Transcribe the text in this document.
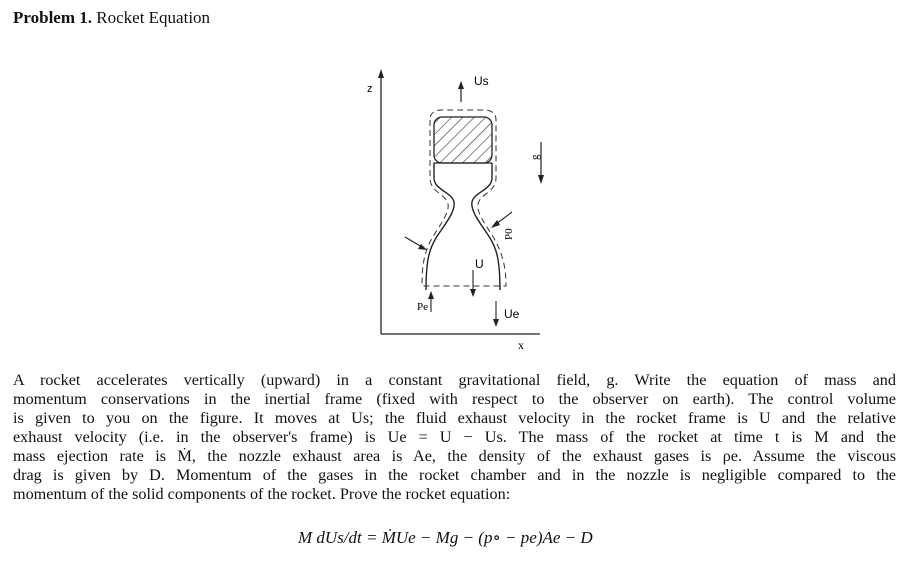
Problem 1. Rocket Equation
z
x
Us
g
P0
U
Pe	Ue
A rocket accelerates vertically (upward) in a constant gravitational field, g. Write the equation of mass and
momentum conservations in the inertial frame (fixed with respect to the observer on earth). The control volume
is given to you on the figure. It moves at Us; the fluid exhaust velocity in the rocket frame is U and the relative
exhaust velocity (i.e. in the observer's frame) is Ue = U − Us. The mass of the rocket at time t is M and the
mass ejection rate is Ṁ, the nozzle exhaust area is Ae, the density of the exhaust gases is ρe. Assume the viscous
drag is given by D. Momentum of the gases in the rocket chamber and in the nozzle is negligible compared to the
momentum of the solid components of the rocket. Prove the rocket equation:
M dUs/dt = ṀUe − Mg − (p∘ − pe)Ae − D
